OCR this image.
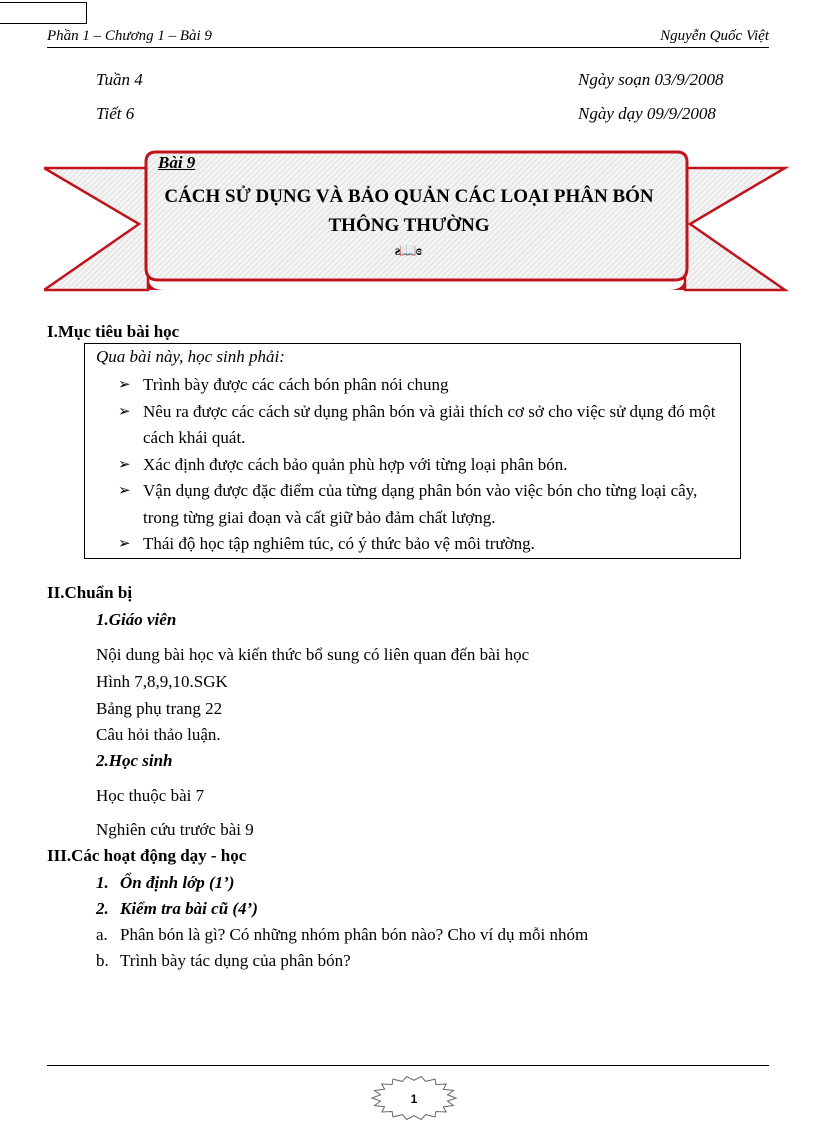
Phần 1 – Chương 1 – Bài 9	Nguyễn Quốc Việt
Tuần 4
Tiết 6
Ngày soạn 03/9/2008
Ngày dạy 09/9/2008
Bài 9
CÁCH SỬ DỤNG VÀ BẢO QUẢN CÁC LOẠI PHÂN BÓN THÔNG THƯỜNG
ƨ📖ɞ
I.Mục tiêu bài học
Qua bài này, học sinh phải:
➢ Trình bày được các cách bón phân nói chung
➢ Nêu ra được các cách sử dụng phân bón và giải thích cơ sở cho việc sử dụng đó một cách khái quát.
➢ Xác định được cách bảo quản phù hợp với từng loại phân bón.
➢ Vận dụng được đặc điểm của từng dạng phân bón vào việc bón cho từng loại cây, trong từng giai đoạn và cất giữ bảo đảm chất lượng.
➢ Thái độ học tập nghiêm túc, có ý thức bảo vệ môi trường.
II.Chuẩn bị
1.Giáo viên
Nội dung bài học và kiến thức bổ sung có liên quan đến bài học
Hình 7,8,9,10.SGK
Bảng phụ trang 22
Câu hỏi thảo luận.
2.Học sinh
Học thuộc bài 7
Nghiên cứu trước bài 9
III.Các hoạt động dạy - học
1. Ổn định lớp (1’)
2. Kiểm tra bài cũ (4’)
a. Phân bón là gì? Có những nhóm phân bón nào? Cho ví dụ mỗi nhóm
b. Trình bày tác dụng của phân bón?
1
